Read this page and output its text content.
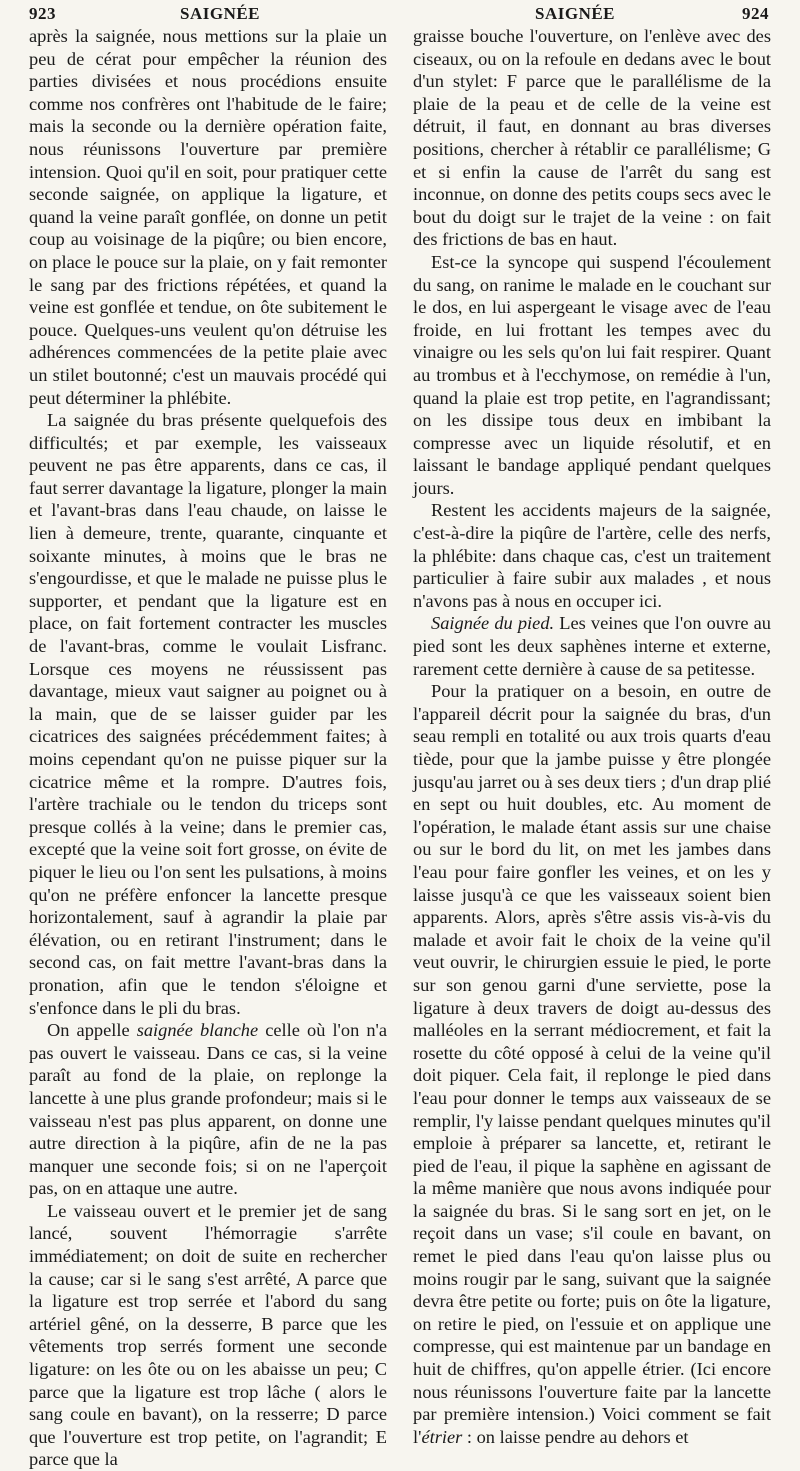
923	SAIGNÉE	SAIGNÉE	924

après la saignée, nous mettions sur la plaie un peu de cérat pour empêcher la réunion des parties divisées et nous procédions ensuite comme nos confrères ont l'habitude de le faire; mais la seconde ou la dernière opération faite, nous réunissons l'ouverture par première intension. Quoi qu'il en soit, pour pratiquer cette seconde saignée, on applique la ligature, et quand la veine paraît gonflée, on donne un petit coup au voisinage de la piqûre; ou bien encore, on place le pouce sur la plaie, on y fait remonter le sang par des frictions répétées, et quand la veine est gonflée et tendue, on ôte subitement le pouce. Quelques-uns veulent qu'on détruise les adhérences commencées de la petite plaie avec un stilet boutonné; c'est un mauvais procédé qui peut déterminer la phlébite.

La saignée du bras présente quelquefois des difficultés; et par exemple, les vaisseaux peuvent ne pas être apparents, dans ce cas, il faut serrer davantage la ligature, plonger la main et l'avant-bras dans l'eau chaude, on laisse le lien à demeure, trente, quarante, cinquante et soixante minutes, à moins que le bras ne s'engourdisse, et que le malade ne puisse plus le supporter, et pendant que la ligature est en place, on fait fortement contracter les muscles de l'avant-bras, comme le voulait Lisfranc. Lorsque ces moyens ne réussissent pas davantage, mieux vaut saigner au poignet ou à la main, que de se laisser guider par les cicatrices des saignées précédemment faites; à moins cependant qu'on ne puisse piquer sur la cicatrice même et la rompre. D'autres fois, l'artère trachiale ou le tendon du triceps sont presque collés à la veine; dans le premier cas, excepté que la veine soit fort grosse, on évite de piquer le lieu ou l'on sent les pulsations, à moins qu'on ne préfère enfoncer la lancette presque horizontalement, sauf à agrandir la plaie par élévation, ou en retirant l'instrument; dans le second cas, on fait mettre l'avant-bras dans la pronation, afin que le tendon s'éloigne et s'enfonce dans le pli du bras.

On appelle saignée blanche celle où l'on n'a pas ouvert le vaisseau. Dans ce cas, si la veine paraît au fond de la plaie, on replonge la lancette à une plus grande profondeur; mais si le vaisseau n'est pas plus apparent, on donne une autre direction à la piqûre, afin de ne la pas manquer une seconde fois; si on ne l'aperçoit pas, on en attaque une autre.

Le vaisseau ouvert et le premier jet de sang lancé, souvent l'hémorragie s'arrête immédiatement; on doit de suite en rechercher la cause; car si le sang s'est arrêté, A parce que la ligature est trop serrée et l'abord du sang artériel gêné, on la desserre, B parce que les vêtements trop serrés forment une seconde ligature: on les ôte ou on les abaisse un peu; C parce que la ligature est trop lâche ( alors le sang coule en bavant), on la resserre; D parce que l'ouverture est trop petite, on l'agrandit; E parce que la

graisse bouche l'ouverture, on l'enlève avec des ciseaux, ou on la refoule en dedans avec le bout d'un stylet: F parce que le parallélisme de la plaie de la peau et de celle de la veine est détruit, il faut, en donnant au bras diverses positions, chercher à rétablir ce parallélisme; G et si enfin la cause de l'arrêt du sang est inconnue, on donne des petits coups secs avec le bout du doigt sur le trajet de la veine : on fait des frictions de bas en haut.

Est-ce la syncope qui suspend l'écoulement du sang, on ranime le malade en le couchant sur le dos, en lui aspergeant le visage avec de l'eau froide, en lui frottant les tempes avec du vinaigre ou les sels qu'on lui fait respirer. Quant au trombus et à l'ecchymose, on remédie à l'un, quand la plaie est trop petite, en l'agrandissant; on les dissipe tous deux en imbibant la compresse avec un liquide résolutif, et en laissant le bandage appliqué pendant quelques jours.

Restent les accidents majeurs de la saignée, c'est-à-dire la piqûre de l'artère, celle des nerfs, la phlébite: dans chaque cas, c'est un traitement particulier à faire subir aux malades , et nous n'avons pas à nous en occuper ici.

Saignée du pied. Les veines que l'on ouvre au pied sont les deux saphènes interne et externe, rarement cette dernière à cause de sa petitesse.

Pour la pratiquer on a besoin, en outre de l'appareil décrit pour la saignée du bras, d'un seau rempli en totalité ou aux trois quarts d'eau tiède, pour que la jambe puisse y être plongée jusqu'au jarret ou à ses deux tiers ; d'un drap plié en sept ou huit doubles, etc. Au moment de l'opération, le malade étant assis sur une chaise ou sur le bord du lit, on met les jambes dans l'eau pour faire gonfler les veines, et on les y laisse jusqu'à ce que les vaisseaux soient bien apparents. Alors, après s'être assis vis-à-vis du malade et avoir fait le choix de la veine qu'il veut ouvrir, le chirurgien essuie le pied, le porte sur son genou garni d'une serviette, pose la ligature à deux travers de doigt au-dessus des malléoles en la serrant médiocrement, et fait la rosette du côté opposé à celui de la veine qu'il doit piquer. Cela fait, il replonge le pied dans l'eau pour donner le temps aux vaisseaux de se remplir, l'y laisse pendant quelques minutes qu'il emploie à préparer sa lancette, et, retirant le pied de l'eau, il pique la saphène en agissant de la même manière que nous avons indiquée pour la saignée du bras. Si le sang sort en jet, on le reçoit dans un vase; s'il coule en bavant, on remet le pied dans l'eau qu'on laisse plus ou moins rougir par le sang, suivant que la saignée devra être petite ou forte; puis on ôte la ligature, on retire le pied, on l'essuie et on applique une compresse, qui est maintenue par un bandage en huit de chiffres, qu'on appelle étrier. (Ici encore nous réunissons l'ouverture faite par la lancette par première intension.) Voici comment se fait l'étrier : on laisse pendre au dehors et
